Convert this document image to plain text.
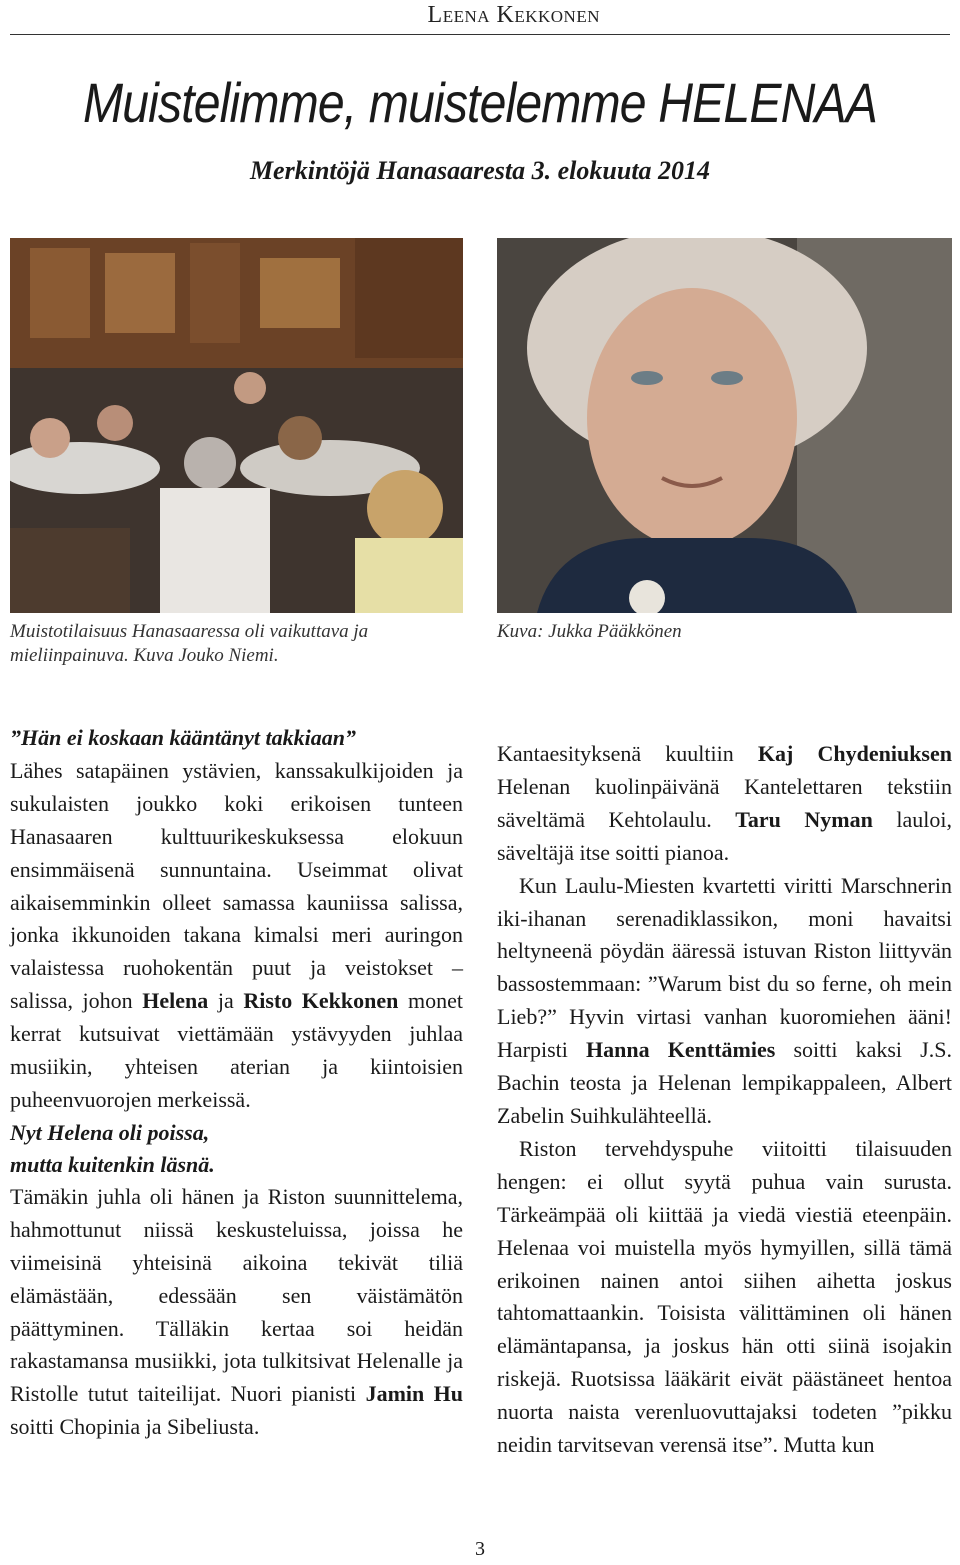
Leena Kekkonen
Muistelimme, muistelemme HELENAA

Merkintöjä Hanasaaresta 3. elokuuta 2014

Muistotilaisuus Hanasaaressa oli vaikuttava ja
mieliinpainuva. Kuva Jouko Niemi.
Kuva: Jukka Pääkkönen

”Hän ei koskaan kääntänyt takkiaan”

Lähes satapäinen ystävien, kanssakulkijoiden ja sukulaisten joukko koki erikoisen tunteen Hanasaaren kulttuurikeskuksessa elokuun ensimmäisenä sunnuntaina. Useimmat olivat aikaisemminkin olleet samassa kauniissa salissa, jonka ikkunoiden takana kimalsi meri auringon valaistessa ruohokentän puut ja veistokset – salissa, johon Helena ja Risto Kekkonen monet kerrat kutsuivat viettämään ystävyyden juhlaa musiikin, yhteisen aterian ja kiintoisien puheenvuorojen merkeissä.

Nyt Helena oli poissa,
mutta kuitenkin läsnä.

Tämäkin juhla oli hänen ja Riston suunnittelema, hahmottunut niissä keskusteluissa, joissa he viimeisinä yhteisinä aikoina tekivät tiliä elämästään, edessään sen väistämätön päättyminen. Tälläkin kertaa soi heidän rakastamansa musiikki, jota tulkitsivat Helenalle ja Ristolle tutut taiteilijat. Nuori pianisti Jamin Hu soitti Chopinia ja Sibeliusta.

Kantaesityksenä kuultiin Kaj Chydeniuksen Helenan kuolinpäivänä Kantelettaren tekstiin säveltämä Kehtolaulu. Taru Nyman lauloi, säveltäjä itse soitti pianoa.

Kun Laulu-Miesten kvartetti viritti Marschnerin iki-ihanan serenadiklassikon, moni havaitsi heltyneenä pöydän ääressä istuvan Riston liittyvän bassostemmaan: ”Warum bist du so ferne, oh mein Lieb?” Hyvin virtasi vanhan kuoromiehen ääni! Harpisti Hanna Kenttämies soitti kaksi J.S. Bachin teosta ja Helenan lempikappaleen, Albert Zabelin Suihkulähteellä.

Riston tervehdyspuhe viitoitti tilaisuuden hengen: ei ollut syytä puhua vain surusta. Tärkeämpää oli kiittää ja viedä viestiä eteenpäin. Helenaa voi muistella myös hymyillen, sillä tämä erikoinen nainen antoi siihen aihetta joskus tahtomattaankin. Toisista välittäminen oli hänen elämäntapansa, ja joskus hän otti siinä isojakin riskejä. Ruotsissa lääkärit eivät päästäneet hentoa nuorta naista verenluovuttajaksi todeten ”pikku neidin tarvitsevan verensä itse”. Mutta kun

3
